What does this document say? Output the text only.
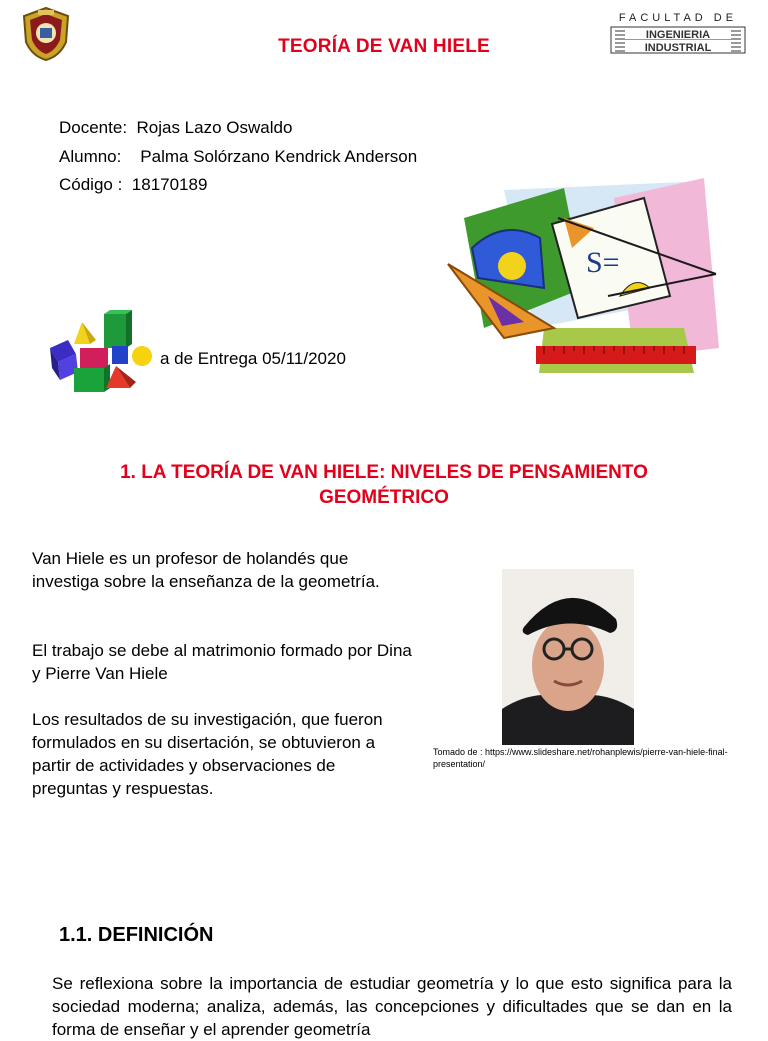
TEORÍA DE VAN HIELE
FACULTAD DE
INGENIERIA
INDUSTRIAL
Docente: Rojas Lazo Oswaldo
Alumno: Palma Solórzano Kendrick Anderson
Código : 18170189
a de Entrega 05/11/2020
S=
1. LA TEORÍA DE VAN HIELE: NIVELES DE PENSAMIENTO
GEOMÉTRICO
Van Hiele es un profesor de holandés que investiga sobre la enseñanza de la geometría.
El trabajo se debe al matrimonio formado por Dina y Pierre Van Hiele
Los resultados de su investigación, que fueron formulados en su disertación, se obtuvieron a partir de actividades y observaciones de preguntas y respuestas.
Tomado de : https://www.slideshare.net/rohanplewis/pierre-van-hiele-final-presentation/
1.1. DEFINICIÓN
Se reflexiona sobre la importancia de estudiar geometría y lo que esto significa para la sociedad moderna; analiza, además, las concepciones y dificultades que se dan en la forma de enseñar y el aprender geometría
